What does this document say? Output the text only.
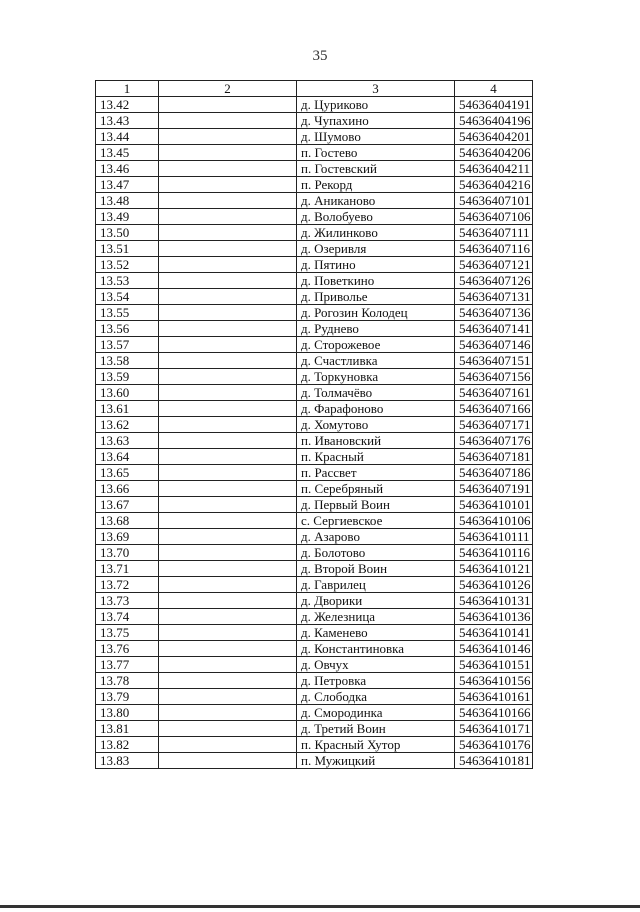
35
1	2	3	4
13.42		д. Цуриково	54636404191
13.43		д. Чупахино	54636404196
13.44		д. Шумово	54636404201
13.45		п. Гостево	54636404206
13.46		п. Гостевский	54636404211
13.47		п. Рекорд	54636404216
13.48		д. Аниканово	54636407101
13.49		д. Волобуево	54636407106
13.50		д. Жилинково	54636407111
13.51		д. Озеривля	54636407116
13.52		д. Пятино	54636407121
13.53		д. Поветкино	54636407126
13.54		д. Приволье	54636407131
13.55		д. Рогозин Колодец	54636407136
13.56		д. Руднево	54636407141
13.57		д. Сторожевое	54636407146
13.58		д. Счастливка	54636407151
13.59		д. Торкуновка	54636407156
13.60		д. Толмачёво	54636407161
13.61		д. Фарафоново	54636407166
13.62		д. Хомутово	54636407171
13.63		п. Ивановский	54636407176
13.64		п. Красный	54636407181
13.65		п. Рассвет	54636407186
13.66		п. Серебряный	54636407191
13.67		д. Первый Воин	54636410101
13.68		с. Сергиевское	54636410106
13.69		д. Азарово	54636410111
13.70		д. Болотово	54636410116
13.71		д. Второй Воин	54636410121
13.72		д. Гаврилец	54636410126
13.73		д. Дворики	54636410131
13.74		д. Железница	54636410136
13.75		д. Каменево	54636410141
13.76		д. Константиновка	54636410146
13.77		д. Овчух	54636410151
13.78		д. Петровка	54636410156
13.79		д. Слободка	54636410161
13.80		д. Смородинка	54636410166
13.81		д. Третий Воин	54636410171
13.82		п. Красный Хутор	54636410176
13.83		п. Мужицкий	54636410181
